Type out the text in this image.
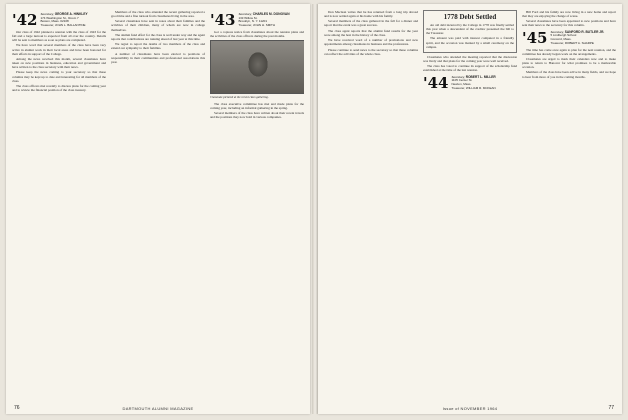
'42 Secretary, GEORGE A. HINKLEY
174 Washington St., Room 7
Boston, Mass. 02108
Treasurer, JOHN L. BALLANTINE

Our class of 1942 planned a reunion with the class of 1943 for the fall and a large turnout is expected from all over the country. Details will be sent to members as soon as plans are completed.

We have word that several members of the class have been very active in alumni work in their local areas and have been honored for their efforts in support of the College.

Among the news received this month, several classmates have taken on new positions in business, education and government and have written to the class secretary with their news.

Please keep the news coming to your secretary so that these columns may be kept up to date and interesting for all members of the class.

The class officers met recently to discuss plans for the coming year and to review the financial position of the class treasury.

Members of the class who attended the recent gathering reported a good time and a fine turnout from classmates living in the area.

Several classmates have sent in notes about their families and the activities of their children, many of whom are now in college themselves.

The alumni fund effort for the class is well under way and the agent reports that contributions are running ahead of last year at this time.

We regret to report the deaths of two members of the class and extend our sympathy to their families.

A number of classmates have been elected to positions of responsibility in their communities and professional associations this year.

'43 Secretary, CHARLES M. DONOVAN
133 Willow St.
Brooklyn, N. Y. 11201
Treasurer, JOHN H. SMITH

Got a copious notice from classmates about the reunion plans and the activities of the class officers during the past months.

Classmate pictured at the recent class gathering.

The class executive committee has met and made plans for the coming year, including an informal gathering in the spring.

Several members of the class have written about their recent travels and the positions they now hold in various companies.

76	DARTMOUTH ALUMNI MAGAZINE

Don Maclean writes that he has returned from a long trip abroad and is now settled again at his home with his family.

Several members of the class gathered in the fall for a dinner and report that the event was a great success.

The class agent reports that the alumni fund results for the year were among the best in the history of the class.

We have received word of a number of promotions and new appointments among classmates in business and the professions.

Please continue to send news to the secretary so that these columns can reflect the activities of the whole class.

1778 Debt Settled

An old debt incurred by the College in 1778 was finally settled this year when a descendant of the creditor presented the bill to the Treasurer.

The amount was paid with interest computed in a friendly spirit, and the occasion was marked by a small ceremony on the campus.

Classmates who attended the meeting reported that the discussion was lively and that plans for the coming year were well received.

The class has voted to continue its support of the scholarship fund established at the time of the last reunion.

'44 Secretary, ROBERT L. MILLER
1105 Center St.
Newton, Mass.
Treasurer, WILLIAM R. MCKEAN

Bill Ford and his family are now living in a new home and report that they are enjoying the change of scene.

Several classmates have been appointed to new positions and have sent their news to the secretary for this column.

'45 Secretary, SANFORD R. BUTLER JR.
5 Lindbergh School
Concord, Mass.
Treasurer, ROBERT A. SHARPE

The time has come once again to plan for the next reunion, and the committee has already begun work on the arrangements.

Classmates are urged to mark their calendars now and to make plans to return to Hanover for what promises to be a memorable occasion.

Members of the class have been active in many fields, and we hope to hear from more of you in the coming months.

Issue of NOVEMBER 1964	77
